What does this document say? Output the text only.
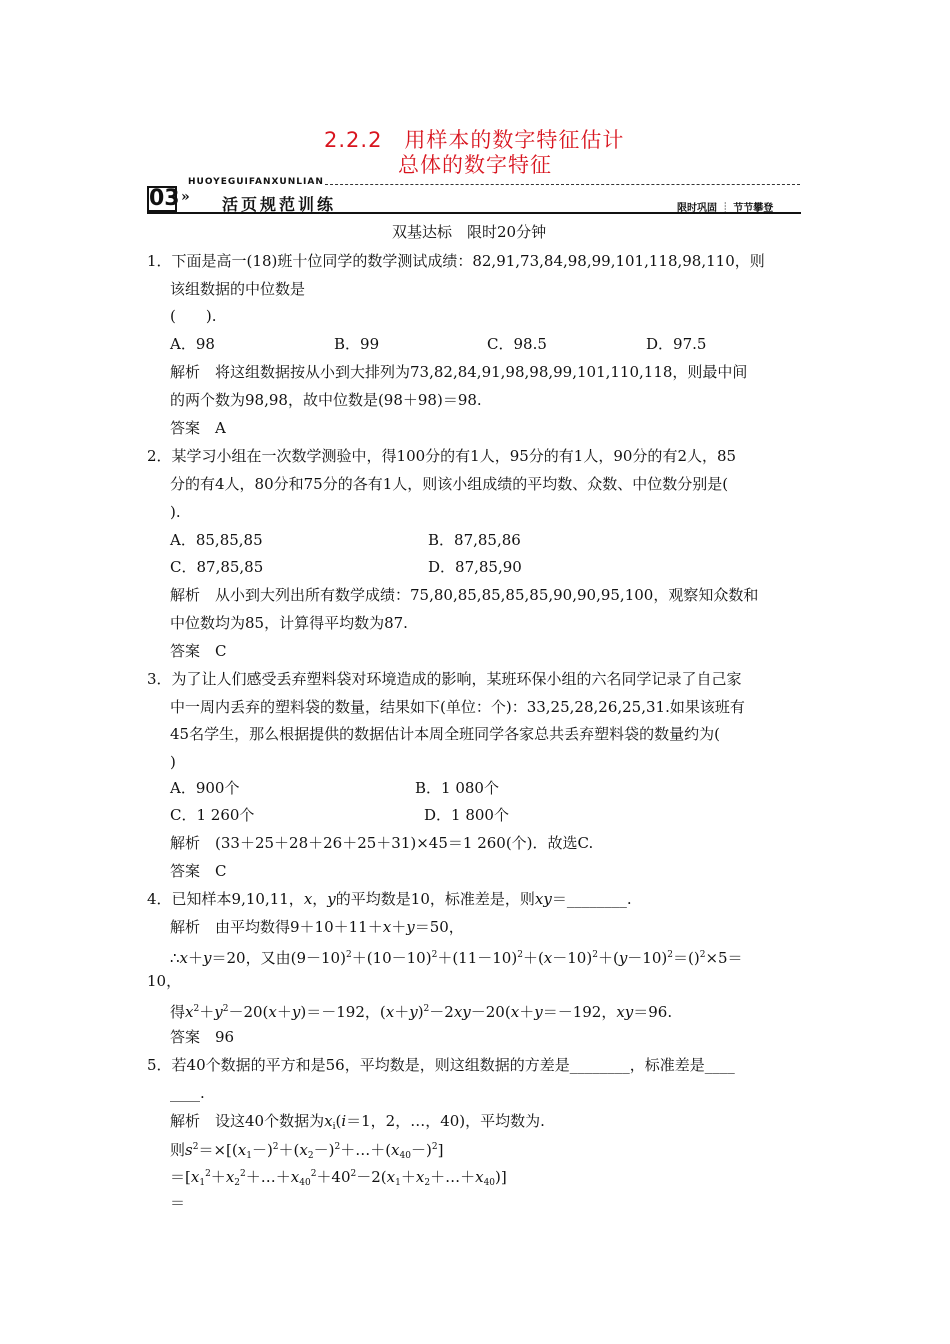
2.2.2　用样本的数字特征估计
总体的数字特征
HUOYEGUIFANXUNLIAN
03 » 活页规范训练	限时巩固 ┊ 节节攀登
双基达标　限时20分钟
1．下面是高一(18)班十位同学的数学测试成绩：82,91,73,84,98,99,101,118,98,110，则
该组数据的中位数是
(　　).
A．98	B．99	C．98.5	D．97.5
解析　将这组数据按从小到大排列为73,82,84,91,98,98,99,101,110,118，则最中间
的两个数为98,98，故中位数是(98＋98)＝98.
答案　A
2．某学习小组在一次数学测验中，得100分的有1人，95分的有1人，90分的有2人，85
分的有4人，80分和75分的各有1人，则该小组成绩的平均数、众数、中位数分别是(
).
A．85,85,85	B．87,85,86
C．87,85,85	D．87,85,90
解析　从小到大列出所有数学成绩：75,80,85,85,85,85,90,90,95,100，观察知众数和
中位数均为85，计算得平均数为87.
答案　C
3．为了让人们感受丢弃塑料袋对环境造成的影响，某班环保小组的六名同学记录了自己家
中一周内丢弃的塑料袋的数量，结果如下(单位：个)：33,25,28,26,25,31.如果该班有
45名学生，那么根据提供的数据估计本周全班同学各家总共丢弃塑料袋的数量约为(
)
A．900个	B．1 080个
C．1 260个	D．1 800个
解析　(33＋25＋28＋26＋25＋31)×45＝1 260(个)．故选C.
答案　C
4．已知样本9,10,11，x，y的平均数是10，标准差是，则xy＝________.
解析　由平均数得9＋10＋11＋x＋y＝50，
∴x＋y＝20，又由$(9-10)^2+(10-10)^2+(11-10)^2+(x-10)^2+(y-10)^2=()^2\times 5=$
10，
得$x^2+y^2-20(x+y)=-192$，$(x+y)^2-2xy-20(x+y=-192$，xy＝96.
答案　96
5．若40个数据的平方和是56，平均数是，则这组数据的方差是________，标准差是____
____.
解析　设这40个数据为$x_i(i=1$，2，…，40)，平均数为.
则$s^2=\times[(x_1-)^2+(x_2-)^2+\dots+(x_{40}-)^2]$
$=[x_1^2+x_2^2+\dots+x_{40}^2+40^2-2(x_1+x_2+\dots+x_{40})]$
＝
